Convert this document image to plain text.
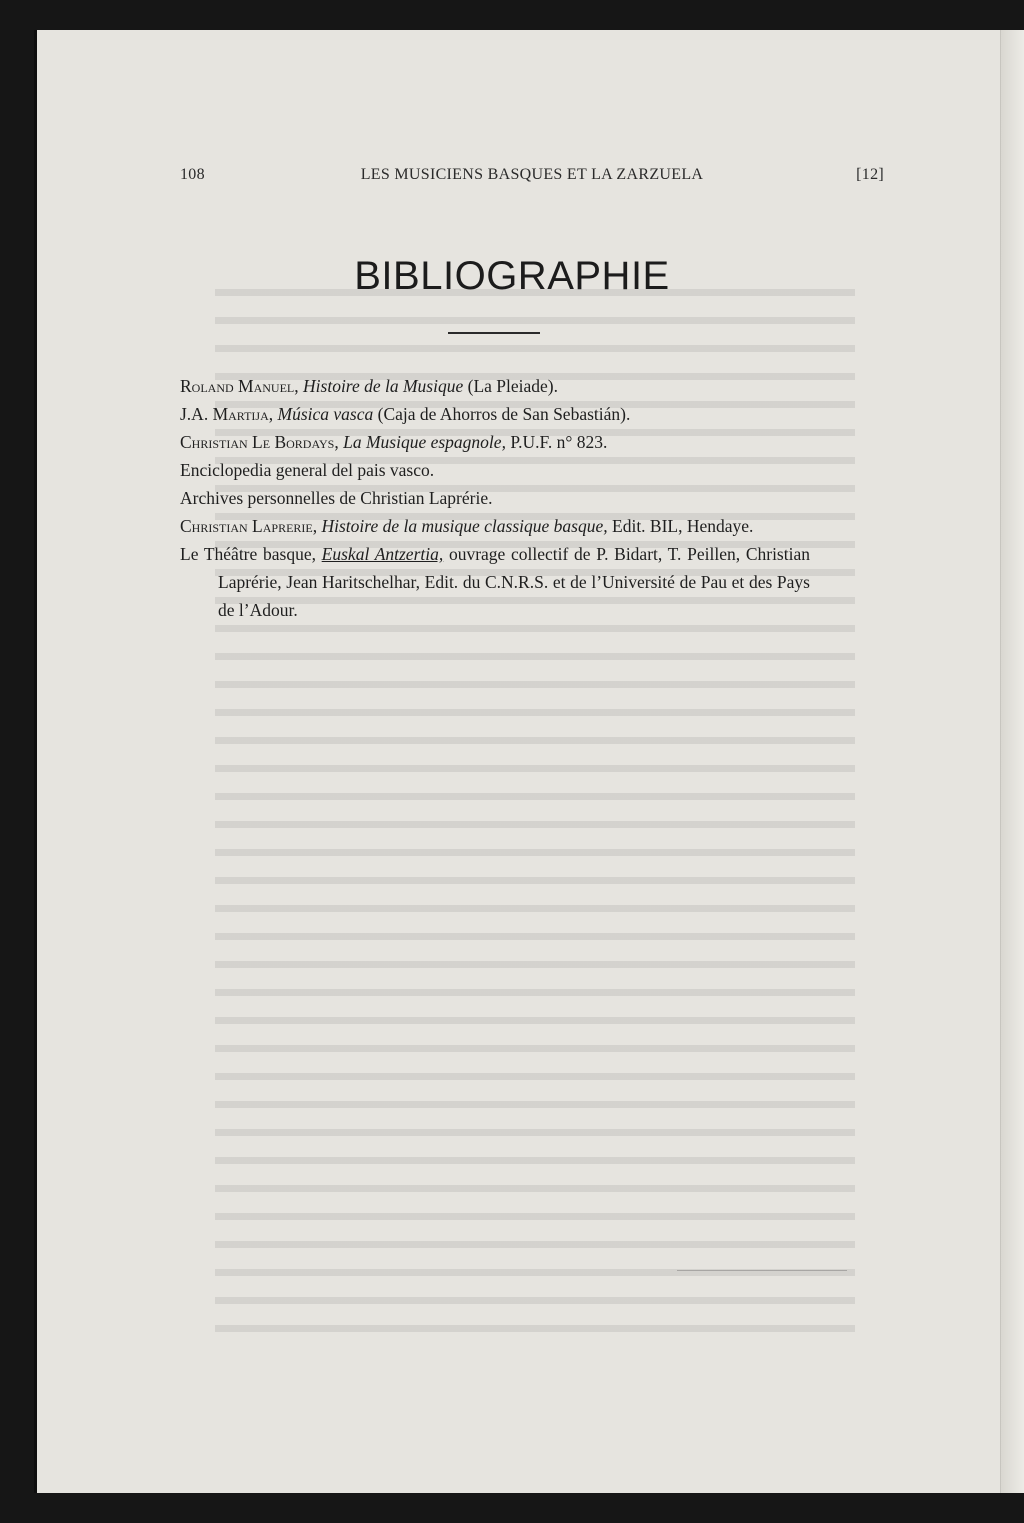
108	LES MUSICIENS BASQUES ET LA ZARZUELA	[12]
BIBLIOGRAPHIE

Roland Manuel, Histoire de la Musique (La Pleiade).

J.A. Martija, Música vasca (Caja de Ahorros de San Sebastián).

Christian Le Bordays, La Musique espagnole, P.U.F. n° 823.

Enciclopedia general del pais vasco.

Archives personnelles de Christian Laprérie.

Christian Laprerie, Histoire de la musique classique basque, Edit. BIL, Hendaye.

Le Théâtre basque, Euskal Antzertia, ouvrage collectif de P. Bidart, T. Peillen, Christian Laprérie, Jean Haritschelhar, Edit. du C.N.R.S. et de l’Université de Pau et des Pays de l’Adour.
